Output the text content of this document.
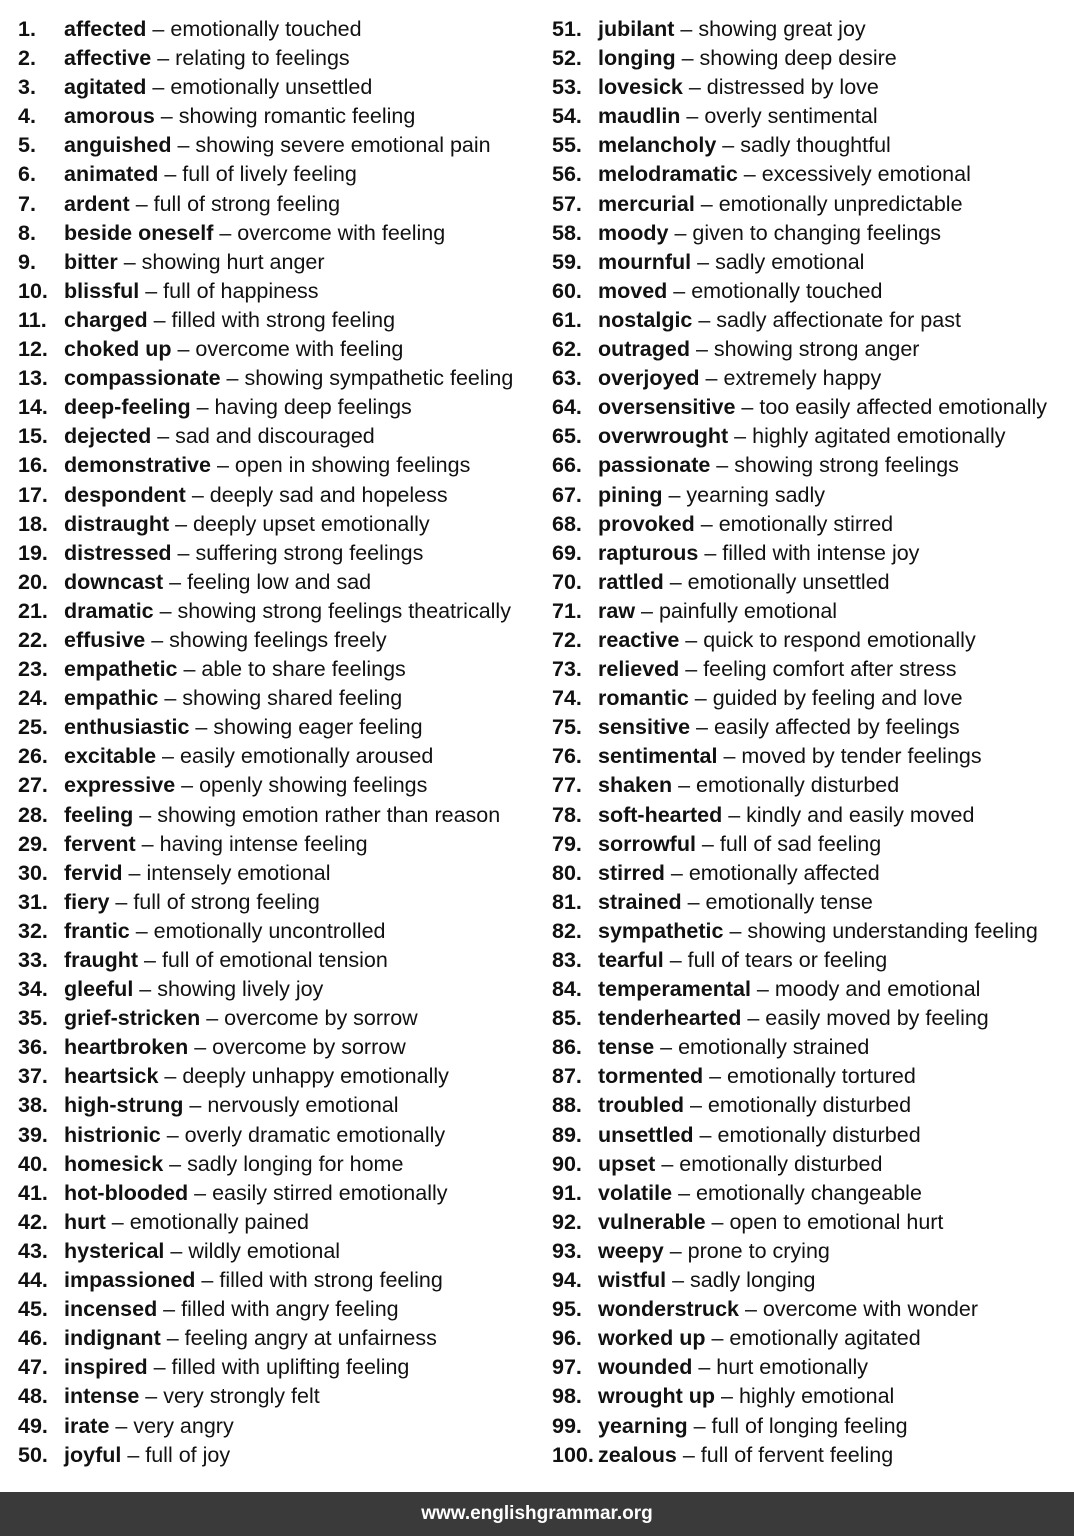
1. affected – emotionally touched
2. affective – relating to feelings
3. agitated – emotionally unsettled
4. amorous – showing romantic feeling
5. anguished – showing severe emotional pain
6. animated – full of lively feeling
7. ardent – full of strong feeling
8. beside oneself – overcome with feeling
9. bitter – showing hurt anger
10. blissful – full of happiness
11. charged – filled with strong feeling
12. choked up – overcome with feeling
13. compassionate – showing sympathetic feeling
14. deep-feeling – having deep feelings
15. dejected – sad and discouraged
16. demonstrative – open in showing feelings
17. despondent – deeply sad and hopeless
18. distraught – deeply upset emotionally
19. distressed – suffering strong feelings
20. downcast – feeling low and sad
21. dramatic – showing strong feelings theatrically
22. effusive – showing feelings freely
23. empathetic – able to share feelings
24. empathic – showing shared feeling
25. enthusiastic – showing eager feeling
26. excitable – easily emotionally aroused
27. expressive – openly showing feelings
28. feeling – showing emotion rather than reason
29. fervent – having intense feeling
30. fervid – intensely emotional
31. fiery – full of strong feeling
32. frantic – emotionally uncontrolled
33. fraught – full of emotional tension
34. gleeful – showing lively joy
35. grief-stricken – overcome by sorrow
36. heartbroken – overcome by sorrow
37. heartsick – deeply unhappy emotionally
38. high-strung – nervously emotional
39. histrionic – overly dramatic emotionally
40. homesick – sadly longing for home
41. hot-blooded – easily stirred emotionally
42. hurt – emotionally pained
43. hysterical – wildly emotional
44. impassioned – filled with strong feeling
45. incensed – filled with angry feeling
46. indignant – feeling angry at unfairness
47. inspired – filled with uplifting feeling
48. intense – very strongly felt
49. irate – very angry
50. joyful – full of joy
51. jubilant – showing great joy
52. longing – showing deep desire
53. lovesick – distressed by love
54. maudlin – overly sentimental
55. melancholy – sadly thoughtful
56. melodramatic – excessively emotional
57. mercurial – emotionally unpredictable
58. moody – given to changing feelings
59. mournful – sadly emotional
60. moved – emotionally touched
61. nostalgic – sadly affectionate for past
62. outraged – showing strong anger
63. overjoyed – extremely happy
64. oversensitive – too easily affected emotionally
65. overwrought – highly agitated emotionally
66. passionate – showing strong feelings
67. pining – yearning sadly
68. provoked – emotionally stirred
69. rapturous – filled with intense joy
70. rattled – emotionally unsettled
71. raw – painfully emotional
72. reactive – quick to respond emotionally
73. relieved – feeling comfort after stress
74. romantic – guided by feeling and love
75. sensitive – easily affected by feelings
76. sentimental – moved by tender feelings
77. shaken – emotionally disturbed
78. soft-hearted – kindly and easily moved
79. sorrowful – full of sad feeling
80. stirred – emotionally affected
81. strained – emotionally tense
82. sympathetic – showing understanding feeling
83. tearful – full of tears or feeling
84. temperamental – moody and emotional
85. tenderhearted – easily moved by feeling
86. tense – emotionally strained
87. tormented – emotionally tortured
88. troubled – emotionally disturbed
89. unsettled – emotionally disturbed
90. upset – emotionally disturbed
91. volatile – emotionally changeable
92. vulnerable – open to emotional hurt
93. weepy – prone to crying
94. wistful – sadly longing
95. wonderstruck – overcome with wonder
96. worked up – emotionally agitated
97. wounded – hurt emotionally
98. wrought up – highly emotional
99. yearning – full of longing feeling
100. zealous – full of fervent feeling
www.englishgrammar.org
